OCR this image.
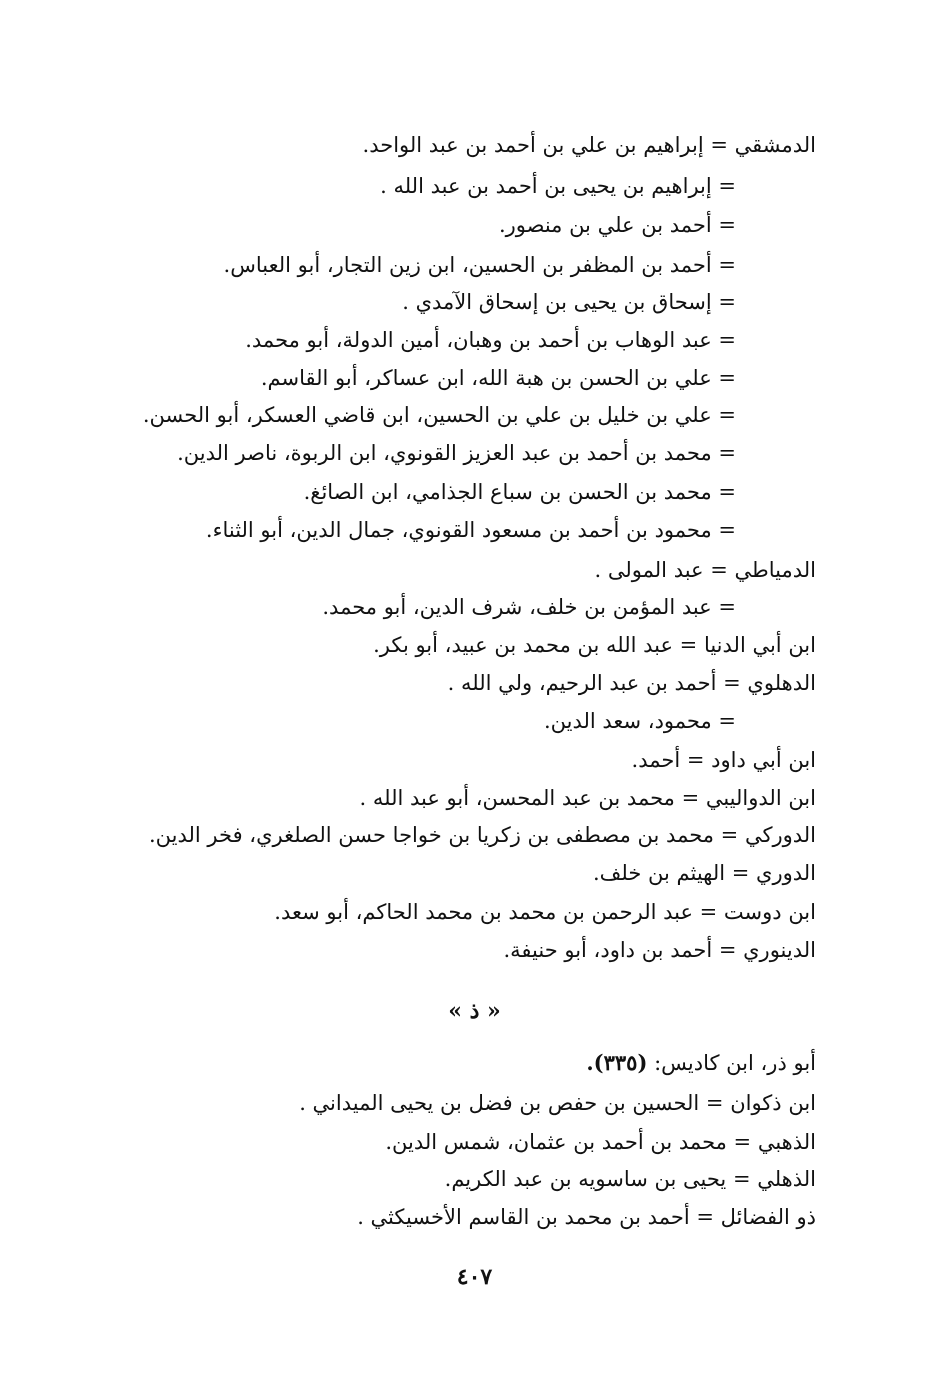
الدمشقي = إبراهيم بن علي بن أحمد بن عبد الواحد.
= إبراهيم بن يحيى بن أحمد بن عبد الله .
= أحمد بن علي بن منصور.
= أحمد بن المظفر بن الحسين، ابن زين التجار، أبو العباس.
= إسحاق بن يحيى بن إسحاق الآمدي .
= عبد الوهاب بن أحمد بن وهبان، أمين الدولة، أبو محمد.
= علي بن الحسن بن هبة الله، ابن عساكر، أبو القاسم.
= علي بن خليل بن علي بن الحسين، ابن قاضي العسكر، أبو الحسن.
= محمد بن أحمد بن عبد العزيز القونوي، ابن الربوة، ناصر الدين.
= محمد بن الحسن بن سباع الجذامي، ابن الصائغ.
= محمود بن أحمد بن مسعود القونوي، جمال الدين، أبو الثناء.
الدمياطي = عبد المولى .
= عبد المؤمن بن خلف، شرف الدين، أبو محمد.
ابن أبي الدنيا = عبد الله بن محمد بن عبيد، أبو بكر.
الدهلوي = أحمد بن عبد الرحيم، ولي الله .
= محمود، سعد الدين.
ابن أبي داود = أحمد.
ابن الدواليبي = محمد بن عبد المحسن، أبو عبد الله .
الدوركي = محمد بن مصطفى بن زكريا بن خواجا حسن الصلغري، فخر الدين.
الدوري = الهيثم بن خلف.
ابن دوست = عبد الرحمن بن محمد بن محمد الحاكم، أبو سعد.
الدينوري = أحمد بن داود، أبو حنيفة.
« ذ »
أبو ذر، ابن كاديس: (٣٣٥).
ابن ذكوان = الحسين بن حفص بن فضل بن يحيى الميداني .
الذهبي = محمد بن أحمد بن عثمان، شمس الدين.
الذهلي = يحيى بن ساسويه بن عبد الكريم.
ذو الفضائل = أحمد بن محمد بن القاسم الأخسيكثي .
٤٠٧
